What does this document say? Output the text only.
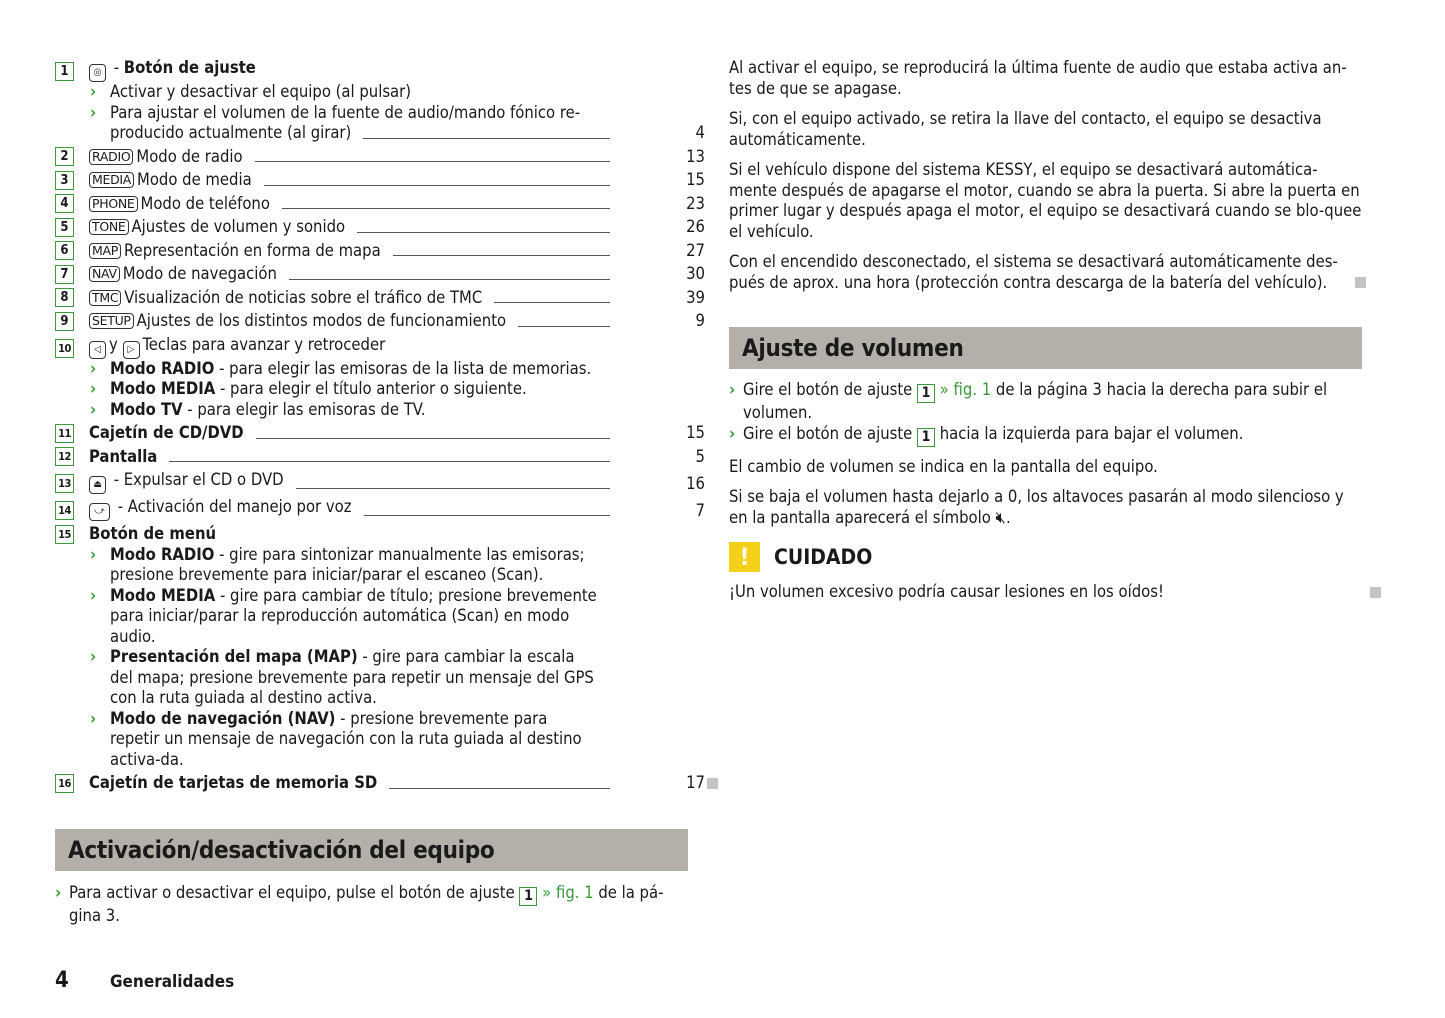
1	◎ - Botón de ajuste
› Activar y desactivar el equipo (al pulsar)
› Para ajustar el volumen de la fuente de audio/mando fónico re-
producido actualmente (al girar)	4
2	RADIO Modo de radio	13
3	MEDIA Modo de media	15
4	PHONE Modo de teléfono	23
5	TONE Ajustes de volumen y sonido	26
6	MAP Representación en forma de mapa	27
7	NAV Modo de navegación	30
8	TMC Visualización de noticias sobre el tráfico de TMC	39
9	SETUP Ajustes de los distintos modos de funcionamiento	9
10	◁ y ▷ Teclas para avanzar y retroceder
› Modo RADIO - para elegir las emisoras de la lista de memorias.
› Modo MEDIA - para elegir el título anterior o siguiente.
› Modo TV - para elegir las emisoras de TV.
11 Cajetín de CD/DVD	15
12 Pantalla	5
13	⏏ - Expulsar el CD o DVD	16
14	⤻ - Activación del manejo por voz	7
15 Botón de menú
› Modo RADIO - gire para sintonizar manualmente las emisoras; presione brevemente para iniciar/parar el escaneo (Scan).
› Modo MEDIA - gire para cambiar de título; presione brevemente para iniciar/parar la reproducción automática (Scan) en modo audio.
› Presentación del mapa (MAP) - gire para cambiar la escala del mapa; presione brevemente para repetir un mensaje del GPS con la ruta guiada al destino activa.
› Modo de navegación (NAV) - presione brevemente para repetir un mensaje de navegación con la ruta guiada al destino activa-da.
16 Cajetín de tarjetas de memoria SD	17
Activación/desactivación del equipo
› Para activar o desactivar el equipo, pulse el botón de ajuste 1 » fig. 1 de la pá-gina 3.

Al activar el equipo, se reproducirá la última fuente de audio que estaba activa an-tes de que se apagase.

Si, con el equipo activado, se retira la llave del contacto, el equipo se desactiva automáticamente.

Si el vehículo dispone del sistema KESSY, el equipo se desactivará automática-mente después de apagarse el motor, cuando se abra la puerta. Si abre la puerta en primer lugar y después apaga el motor, el equipo se desactivará cuando se blo-quee el vehículo.

Con el encendido desconectado, el sistema se desactivará automáticamente des-pués de aprox. una hora (protección contra descarga de la batería del vehículo).

Ajuste de volumen
› Gire el botón de ajuste 1 » fig. 1 de la página 3 hacia la derecha para subir el volumen.
› Gire el botón de ajuste 1 hacia la izquierda para bajar el volumen.

El cambio de volumen se indica en la pantalla del equipo.

Si se baja el volumen hasta dejarlo a 0, los altavoces pasarán al modo silencioso y en la pantalla aparecerá el símbolo 🔇︎.

!	CUIDADO

¡Un volumen excesivo podría causar lesiones en los oídos!

4	Generalidades
